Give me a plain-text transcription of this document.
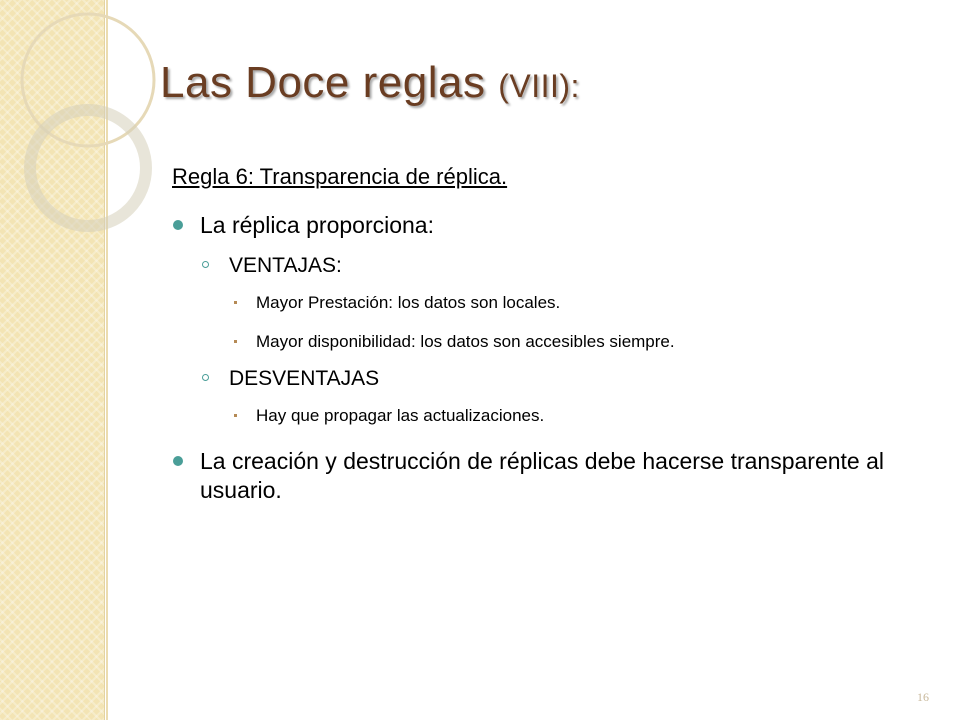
Las Doce reglas (VIII):
Regla 6: Transparencia de réplica.
La réplica proporciona:
VENTAJAS:
Mayor Prestación: los datos son locales.
Mayor disponibilidad: los datos son accesibles siempre.
DESVENTAJAS
Hay que propagar las actualizaciones.
La creación y destrucción de réplicas debe hacerse transparente al usuario.
16
